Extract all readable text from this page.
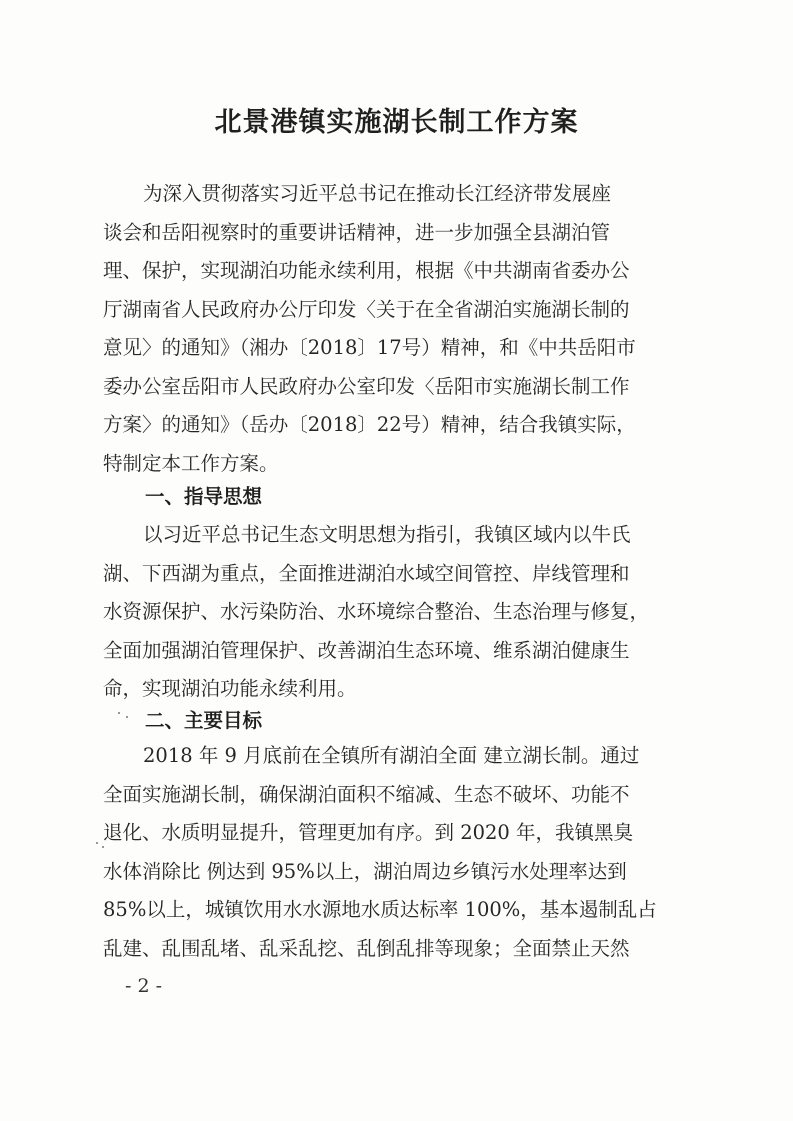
北景港镇实施湖长制工作方案
为深入贯彻落实习近平总书记在推动长江经济带发展座
谈会和岳阳视察时的重要讲话精神，进一步加强全县湖泊管
理、保护，实现湖泊功能永续利用，根据《中共湖南省委办公
厅湖南省人民政府办公厅印发〈关于在全省湖泊实施湖长制的
意见〉的通知》（湘办〔2018〕17号）精神，和《中共岳阳市
委办公室岳阳市人民政府办公室印发〈岳阳市实施湖长制工作
方案〉的通知》（岳办〔2018〕22号）精神，结合我镇实际，
特制定本工作方案。
一、指导思想
以习近平总书记生态文明思想为指引，我镇区域内以牛氏
湖、下西湖为重点，全面推进湖泊水域空间管控、岸线管理和
水资源保护、水污染防治、水环境综合整治、生态治理与修复，
全面加强湖泊管理保护、改善湖泊生态环境、维系湖泊健康生
命，实现湖泊功能永续利用。
二、主要目标
2018 年 9 月底前在全镇所有湖泊全面 建立湖长制。通过
全面实施湖长制，确保湖泊面积不缩减、生态不破坏、功能不
退化、水质明显提升，管理更加有序。到 2020 年，我镇黑臭
水体消除比 例达到 95%以上，湖泊周边乡镇污水处理率达到
85%以上，城镇饮用水水源地水质达标率 100%，基本遏制乱占
乱建、乱围乱堵、乱采乱挖、乱倒乱排等现象；全面禁止天然
- 2 -
